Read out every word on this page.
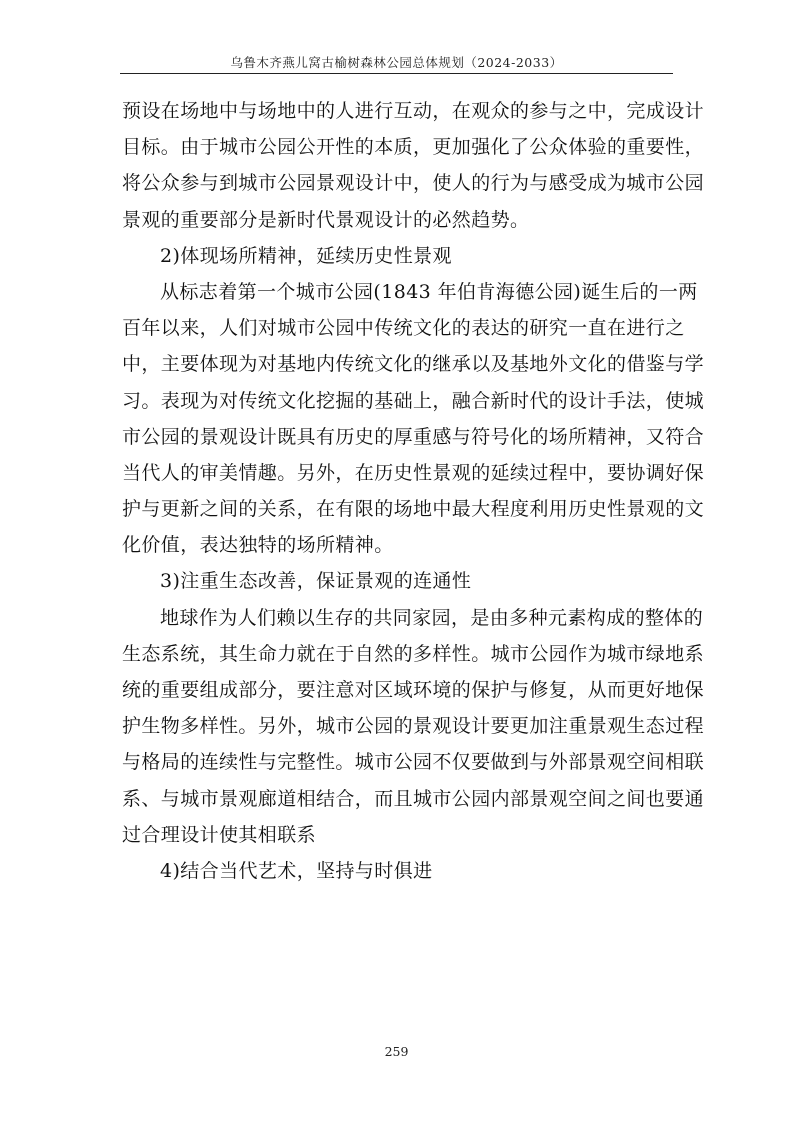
乌鲁木齐燕儿窝古榆树森林公园总体规划（2024-2033）
预设在场地中与场地中的人进行互动，在观众的参与之中，完成设计
目标。由于城市公园公开性的本质，更加强化了公众体验的重要性，
将公众参与到城市公园景观设计中，使人的行为与感受成为城市公园
景观的重要部分是新时代景观设计的必然趋势。
2)体现场所精神，延续历史性景观
从标志着第一个城市公园(1843 年伯肯海德公园)诞生后的一两
百年以来，人们对城市公园中传统文化的表达的研究一直在进行之
中，主要体现为对基地内传统文化的继承以及基地外文化的借鉴与学
习。表现为对传统文化挖掘的基础上，融合新时代的设计手法，使城
市公园的景观设计既具有历史的厚重感与符号化的场所精神，又符合
当代人的审美情趣。另外，在历史性景观的延续过程中，要协调好保
护与更新之间的关系，在有限的场地中最大程度利用历史性景观的文
化价值，表达独特的场所精神。
3)注重生态改善，保证景观的连通性
地球作为人们赖以生存的共同家园，是由多种元素构成的整体的
生态系统，其生命力就在于自然的多样性。城市公园作为城市绿地系
统的重要组成部分，要注意对区域环境的保护与修复，从而更好地保
护生物多样性。另外，城市公园的景观设计要更加注重景观生态过程
与格局的连续性与完整性。城市公园不仅要做到与外部景观空间相联
系、与城市景观廊道相结合，而且城市公园内部景观空间之间也要通
过合理设计使其相联系
4)结合当代艺术，坚持与时俱进
259
